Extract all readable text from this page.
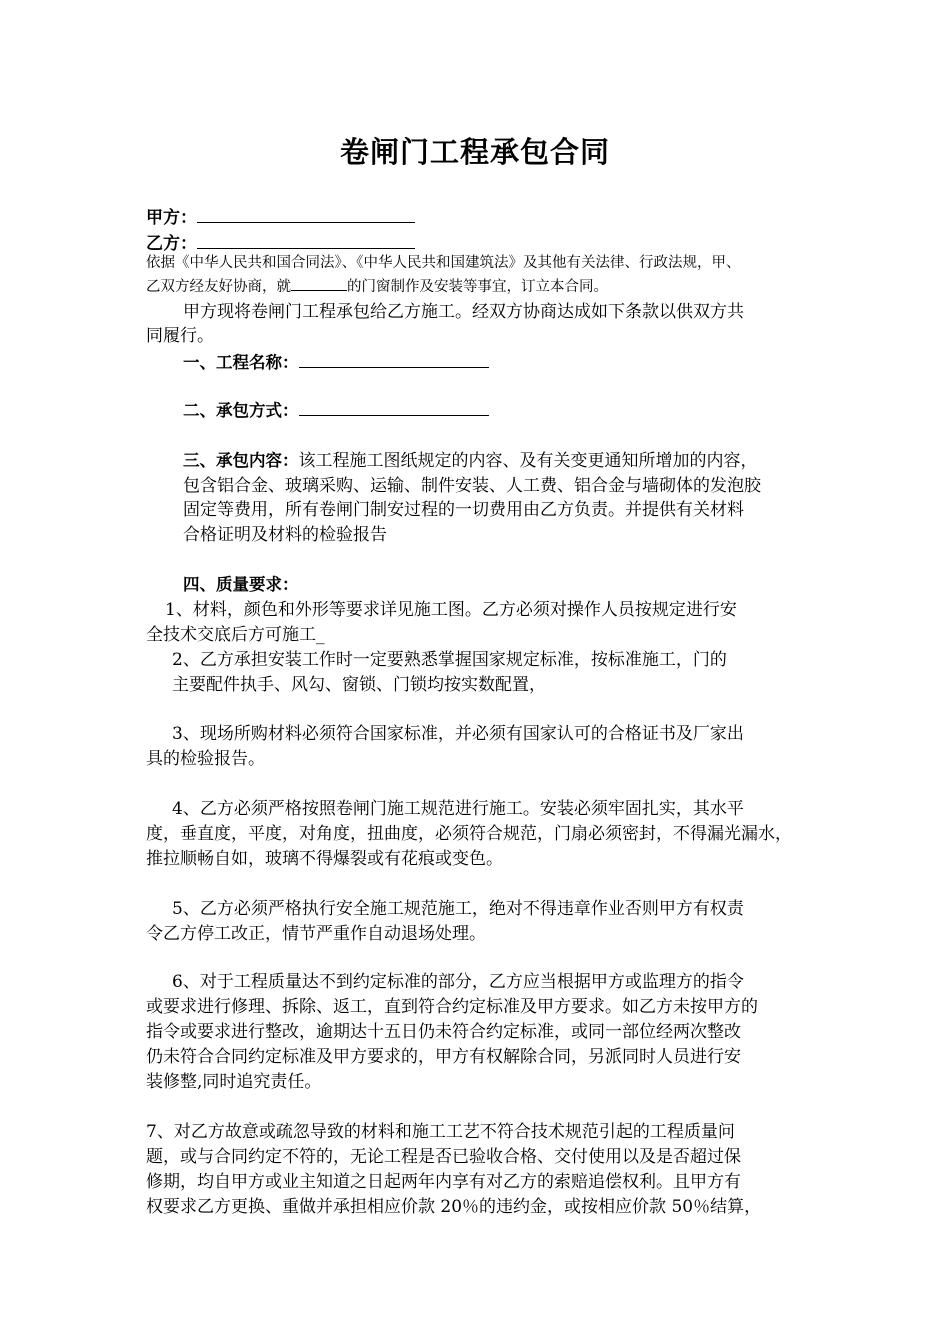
卷闸门工程承包合同
甲方：
乙方：
依据《中华人民共和国合同法》、《中华人民共和国建筑法》及其他有关法律、行政法规，甲、
乙双方经友好协商，就	的门窗制作及安装等事宜，订立本合同。
甲方现将卷闸门工程承包给乙方施工。经双方协商达成如下条款以供双方共
同履行。
一、工程名称：
二、承包方式：
三、承包内容：该工程施工图纸规定的内容、及有关变更通知所增加的内容，
包含铝合金、玻璃采购、运输、制件安装、人工费、铝合金与墙砌体的发泡胶
固定等费用，所有卷闸门制安过程的一切费用由乙方负责。并提供有关材料
合格证明及材料的检验报告
四、质量要求：
1、材料，颜色和外形等要求详见施工图。乙方必须对操作人员按规定进行安
全技术交底后方可施工_
2、乙方承担安装工作时一定要熟悉掌握国家规定标准，按标准施工，门的
主要配件执手、风勾、窗锁、门锁均按实数配置，
3、现场所购材料必须符合国家标准，并必须有国家认可的合格证书及厂家出
具的检验报告。
4、乙方必须严格按照卷闸门施工规范进行施工。安装必须牢固扎实，其水平
度，垂直度，平度，对角度，扭曲度，必须符合规范，门扇必须密封，不得漏光漏水，
推拉顺畅自如，玻璃不得爆裂或有花痕或变色。
5、乙方必须严格执行安全施工规范施工，绝对不得违章作业否则甲方有权责
令乙方停工改正，情节严重作自动退场处理。
6、对于工程质量达不到约定标准的部分，乙方应当根据甲方或监理方的指令
或要求进行修理、拆除、返工，直到符合约定标准及甲方要求。如乙方未按甲方的
指令或要求进行整改，逾期达十五日仍未符合约定标准，或同一部位经两次整改
仍未符合合同约定标准及甲方要求的，甲方有权解除合同，另派同时人员进行安
装修整,同时追究责任。
7、对乙方故意或疏忽导致的材料和施工工艺不符合技术规范引起的工程质量问
题，或与合同约定不符的，无论工程是否已验收合格、交付使用以及是否超过保
修期，均自甲方或业主知道之日起两年内享有对乙方的索赔追偿权利。且甲方有
权要求乙方更换、重做并承担相应价款 20％的违约金，或按相应价款 50％结算，
